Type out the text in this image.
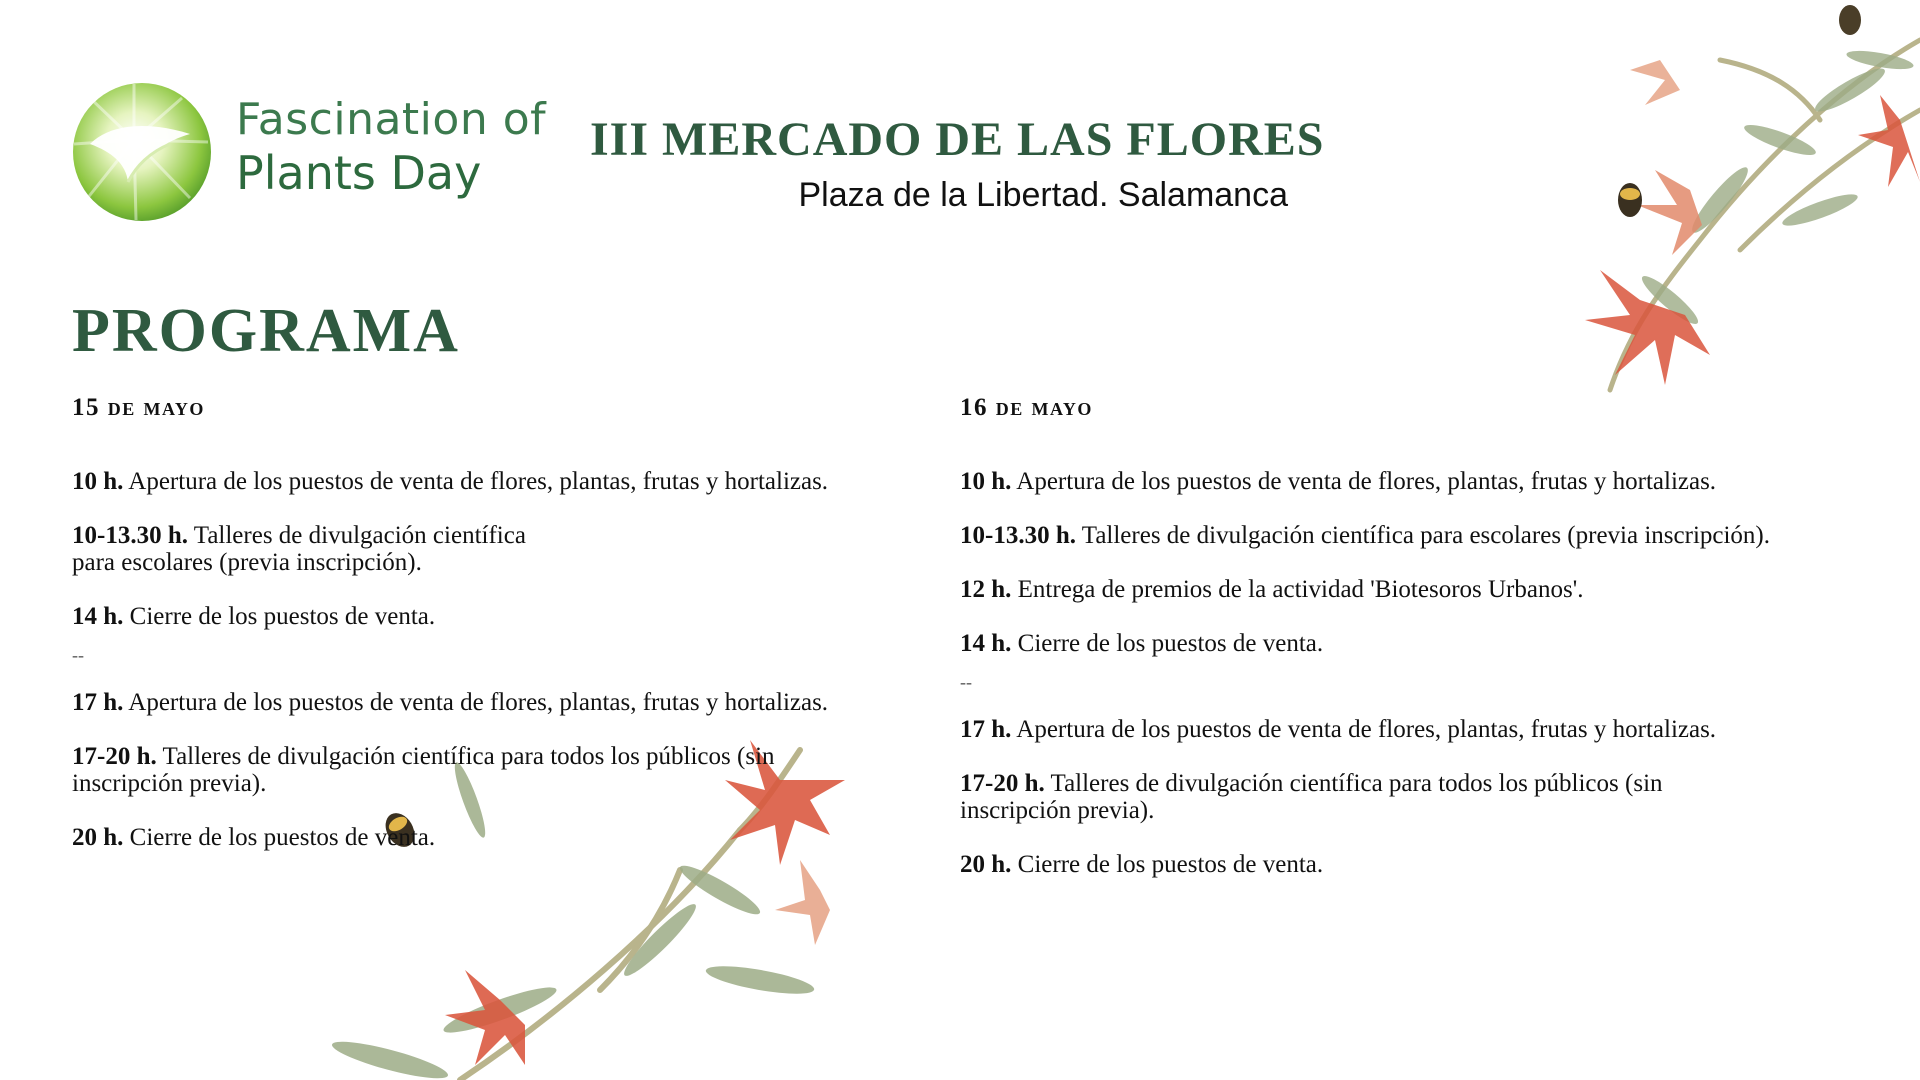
Fascination of
Plants Day
III MERCADO DE LAS FLORES
Plaza de la Libertad. Salamanca
PROGRAMA
15 de mayo
10 h. Apertura de los puestos de venta de flores, plantas, frutas y hortalizas.
10-13.30 h. Talleres de divulgación científica
para escolares (previa inscripción).
14 h. Cierre de los puestos de venta.
--
17 h. Apertura de los puestos de venta de flores, plantas, frutas y hortalizas.
17-20 h. Talleres de divulgación científica para todos los públicos (sin
inscripción previa).
20 h. Cierre de los puestos de venta.
16 de mayo
10 h. Apertura de los puestos de venta de flores, plantas, frutas y hortalizas.
10-13.30 h. Talleres de divulgación científica para escolares (previa inscripción).
12 h. Entrega de premios de la actividad 'Biotesoros Urbanos'.
14 h. Cierre de los puestos de venta.
--
17 h. Apertura de los puestos de venta de flores, plantas, frutas y hortalizas.
17-20 h. Talleres de divulgación científica para todos los públicos (sin
inscripción previa).
20 h. Cierre de los puestos de venta.
